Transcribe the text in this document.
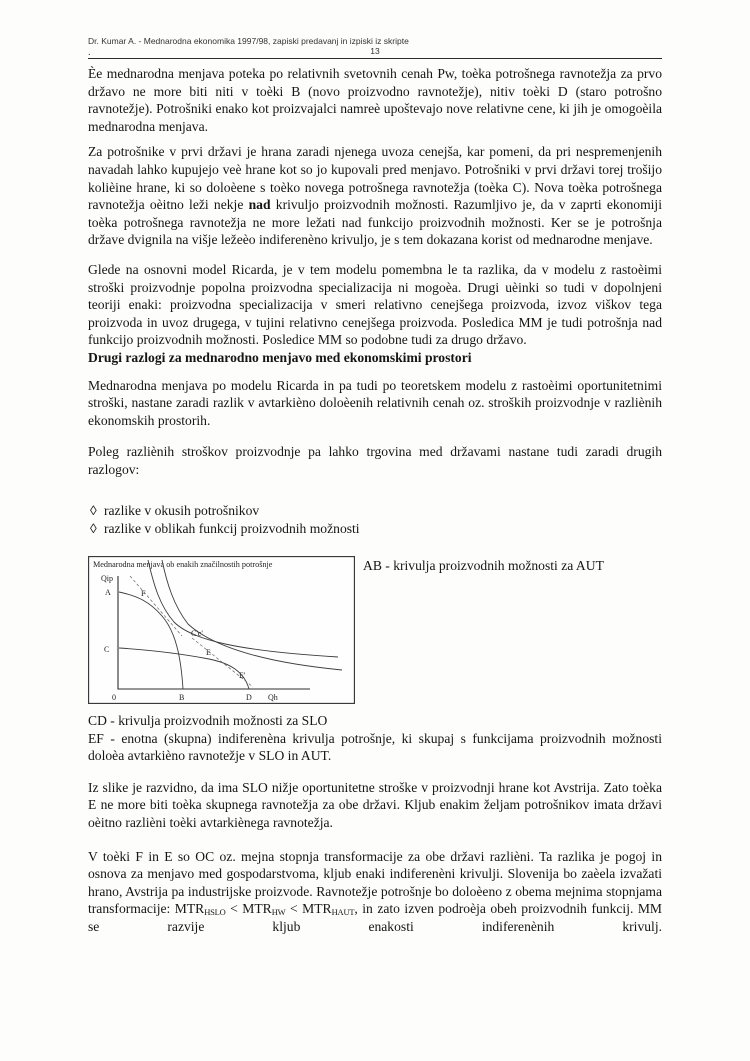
Dr. Kumar A. - Mednarodna ekonomika 1997/98, zapiski predavanj in izpiski iz skripte
13
.

Èe mednarodna menjava poteka po relativnih svetovnih cenah Pw, toèka potrošnega ravnotežja za prvo državo ne more biti niti v toèki B (novo proizvodno ravnotežje), nitiv toèki D (staro potrošno ravnotežje). Potrošniki enako kot proizvajalci namreè upoštevajo nove relativne cene, ki jih je omogoèila mednarodna menjava.

Za potrošnike v prvi državi je hrana zaradi njenega uvoza cenejša, kar pomeni, da pri nespremenjenih navadah lahko kupujejo veè hrane kot so jo kupovali pred menjavo. Potrošniki v prvi državi torej trošijo kolièine hrane, ki so doloèene s toèko novega potrošnega ravnotežja (toèka C). Nova toèka potrošnega ravnotežja oèitno leži nekje nad krivuljo proizvodnih možnosti. Razumljivo je, da v zaprti ekonomiji toèka potrošnega ravnotežja ne more ležati nad funkcijo proizvodnih možnosti. Ker se je potrošnja države dvignila na višje ležeèo indiferenèno krivuljo, je s tem dokazana korist od mednarodne menjave.

Glede na osnovni model Ricarda, je v tem modelu pomembna le ta razlika, da v modelu z rastoèimi stroški proizvodnje popolna proizvodna specializacija ni mogoèa. Drugi uèinki so tudi v dopolnjeni teoriji enaki: proizvodna specializacija v smeri relativno cenejšega proizvoda, izvoz viškov tega proizvoda in uvoz drugega, v tujini relativno cenejšega proizvoda. Posledica MM je tudi potrošnja nad funkcijo proizvodnih možnosti. Posledice MM so podobne tudi za drugo državo.

Drugi razlogi za mednarodno menjavo med ekonomskimi prostori

Mednarodna menjava po modelu Ricarda in pa tudi po teoretskem modelu z rastoèimi oportunitetnimi stroški, nastane zaradi razlik v avtarkièno doloèenih relativnih cenah oz. stroških proizvodnje v razliènih ekonomskih prostorih.

Poleg razliènih stroškov proizvodnje pa lahko trgovina med državami nastane tudi zaradi drugih razlogov:

◊ razlike v okusih potrošnikov
◊ razlike v oblikah funkcij proizvodnih možnosti
Mednarodna menjava ob enakih značilnostih potrošnje
Qip
A
C
0	B	D Qh
F
E
E'
C'c'
AB - krivulja proizvodnih možnosti za AUT

CD - krivulja proizvodnih možnosti za SLO

EF - enotna (skupna) indiferenèna krivulja potrošnje, ki skupaj s funkcijama proizvodnih možnosti doloèa avtarkièno ravnotežje v SLO in AUT.

Iz slike je razvidno, da ima SLO nižje oportunitetne stroške v proizvodnji hrane kot Avstrija. Zato toèka E ne more biti toèka skupnega ravnotežja za obe državi. Kljub enakim željam potrošnikov imata državi oèitno razlièni toèki avtarkiènega ravnotežja.

V toèki F in E so OC oz. mejna stopnja transformacije za obe državi razlièni. Ta razlika je pogoj in osnova za menjavo med gospodarstvoma, kljub enaki indiferenèni krivulji. Slovenija bo zaèela izvažati hrano, Avstrija pa industrijske proizvode. Ravnotežje potrošnje bo doloèeno z obema mejnima stopnjama transformacije: $MTR_{HSLO} < MTR_{HW} < MTR_{HAUT}$, in zato izven podroèja obeh proizvodnih funkcij. MM se razvije kljub enakosti indiferenènih krivulj.
